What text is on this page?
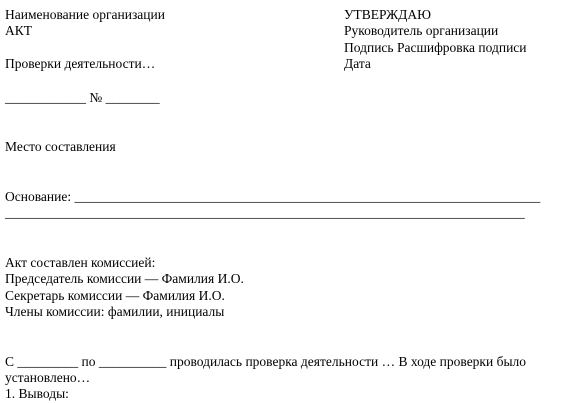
Наименование организации
АКТ
Проверки деятельности…
УТВЕРЖДАЮ
Руководитель организации
Подпись Расшифровка подписи
Дата
____________ № ________
Место составления
Основание: _____________________________________________________________________
_____________________________________________________________________________
Акт составлен комиссией:
Председатель комиссии — Фамилия И.О.
Секретарь комиссии — Фамилия И.О.
Члены комиссии: фамилии, инициалы
С _________ по __________ проводилась проверка деятельности … В ходе проверки было
установлено…
1. Выводы:
